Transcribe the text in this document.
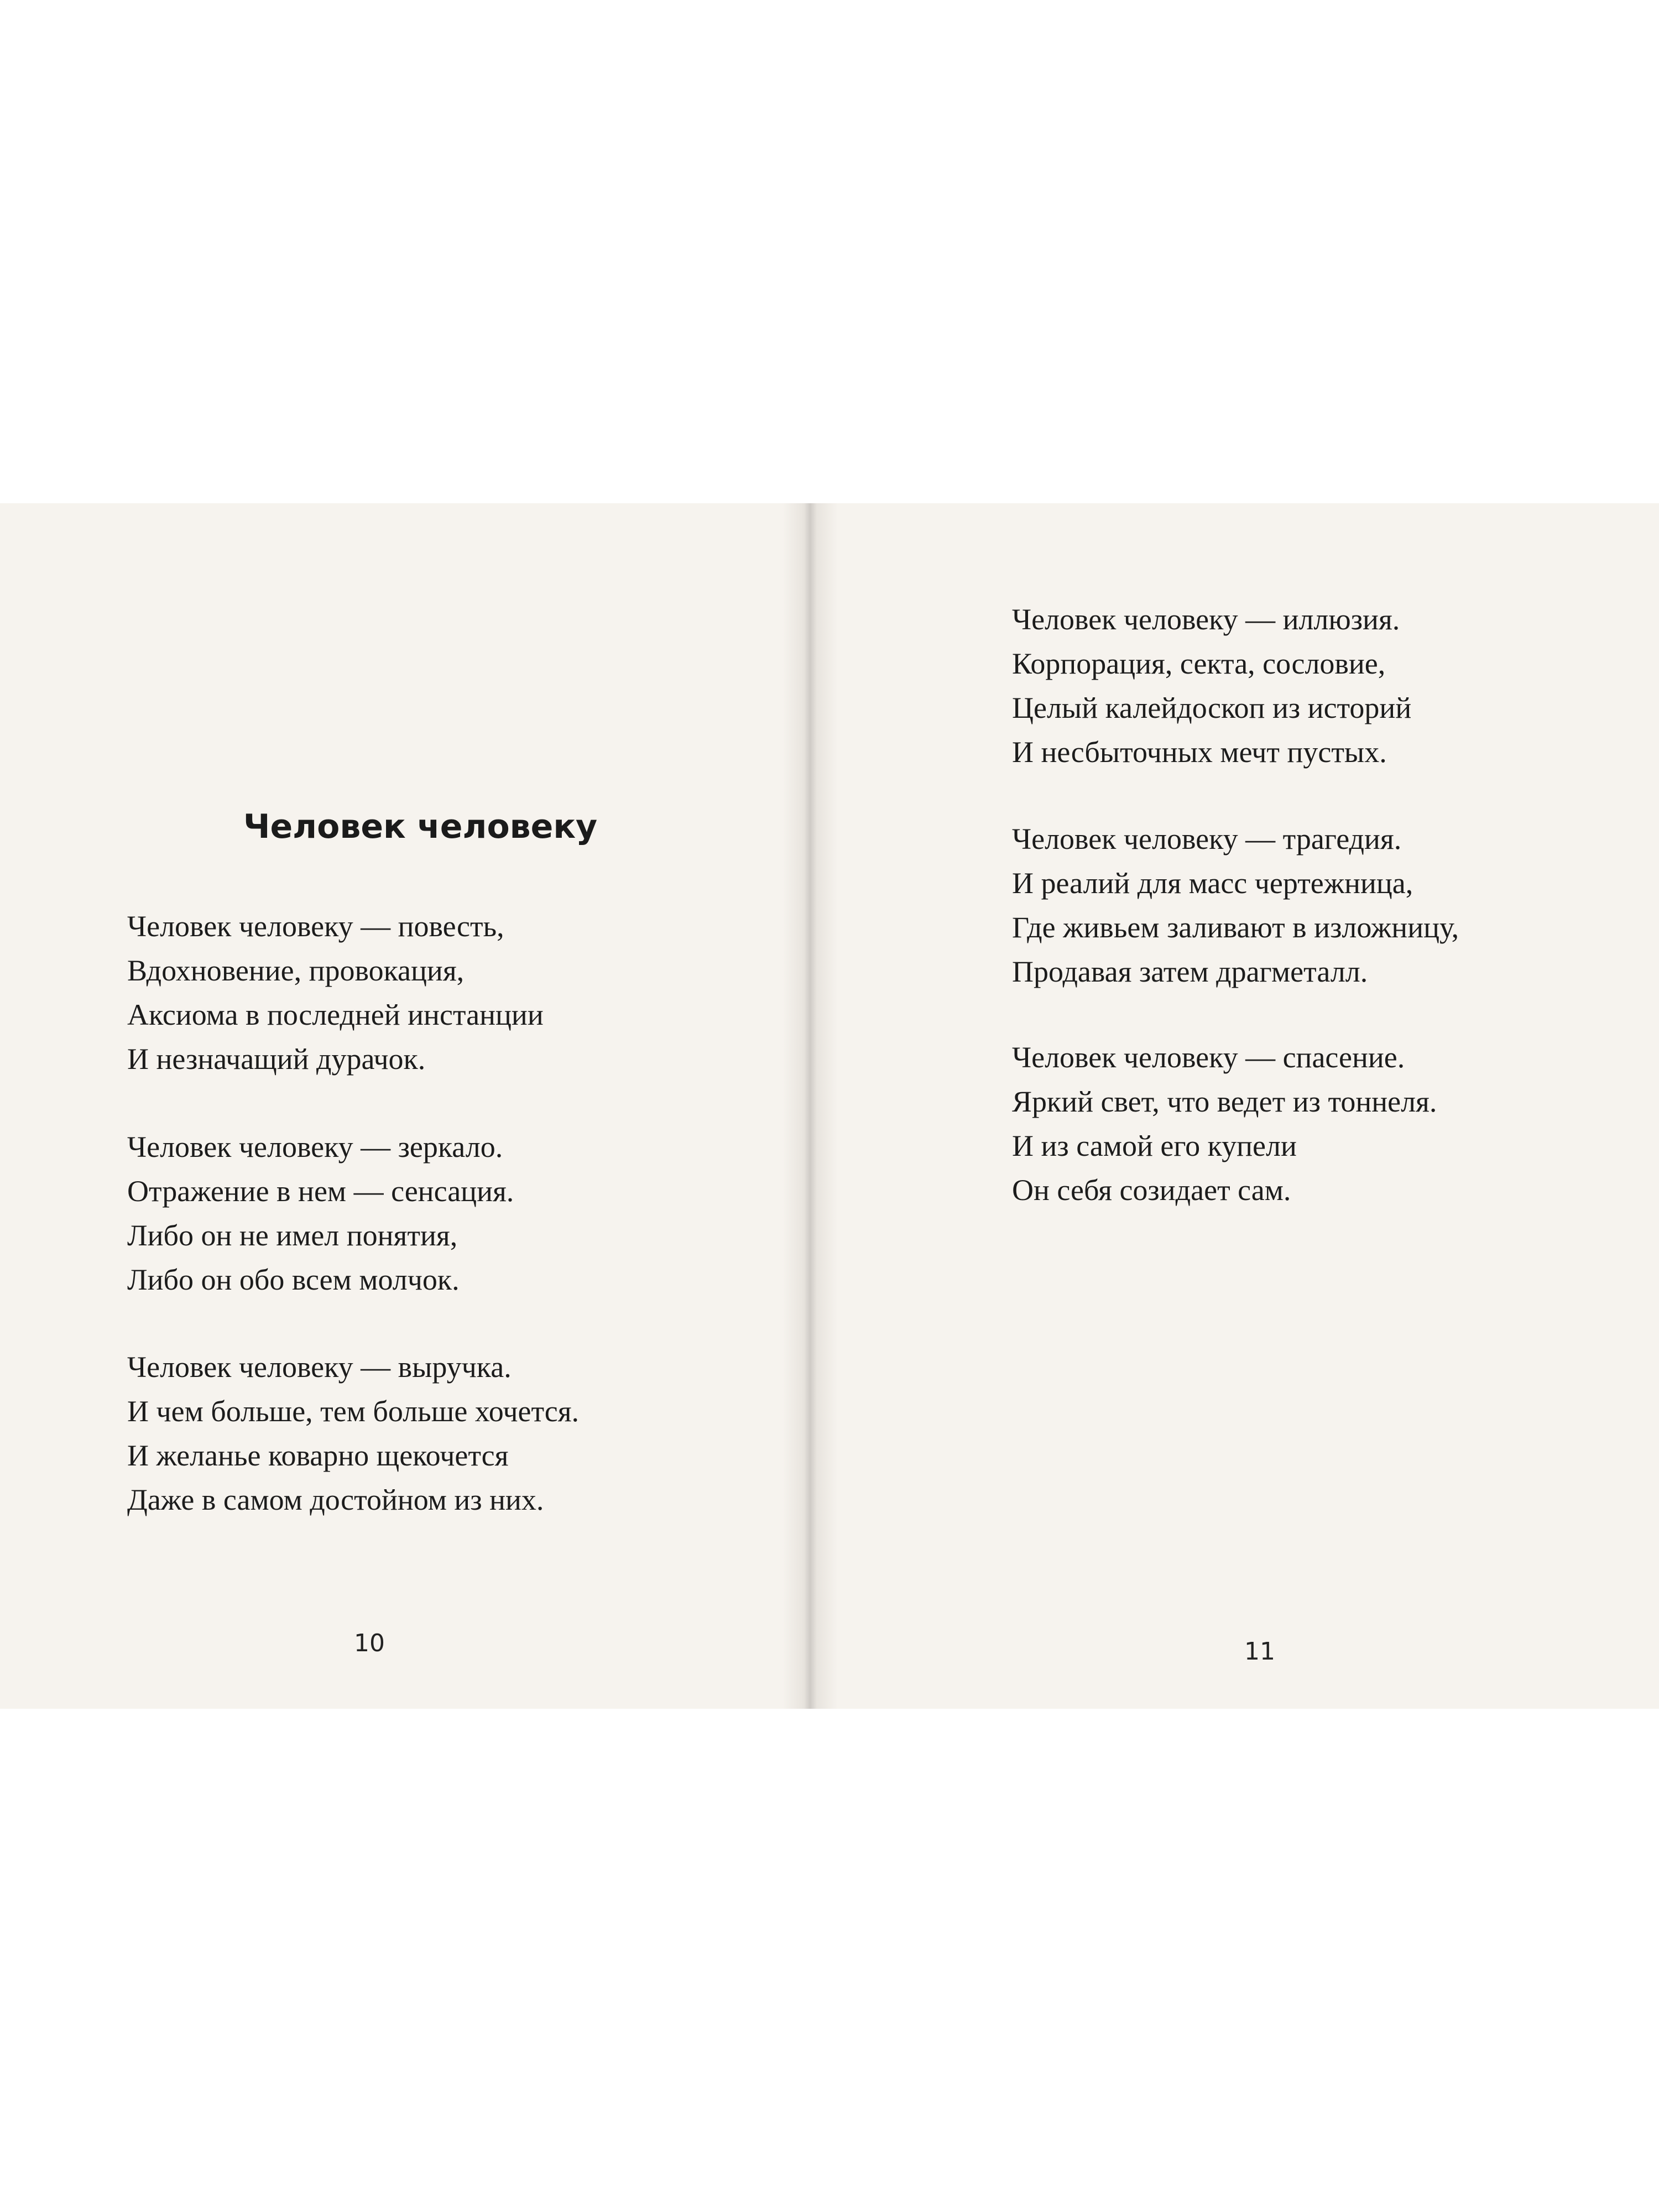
Человек человеку
Человек человеку — повесть,
Вдохновение, провокация,
Аксиома в последней инстанции
И незначащий дурачок.
Человек человеку — зеркало.
Отражение в нем — сенсация.
Либо он не имел понятия,
Либо он обо всем молчок.
Человек человеку — выручка.
И чем больше, тем больше хочется.
И желанье коварно щекочется
Даже в самом достойном из них.

10

Человек человеку — иллюзия.
Корпорация, секта, сословие,
Целый калейдоскоп из историй
И несбыточных мечт пустых.
Человек человеку — трагедия.
И реалий для масс чертежница,
Где живьем заливают в изложницу,
Продавая затем драгметалл.
Человек человеку — спасение.
Яркий свет, что ведет из тоннеля.
И из самой его купели
Он себя созидает сам.

11
